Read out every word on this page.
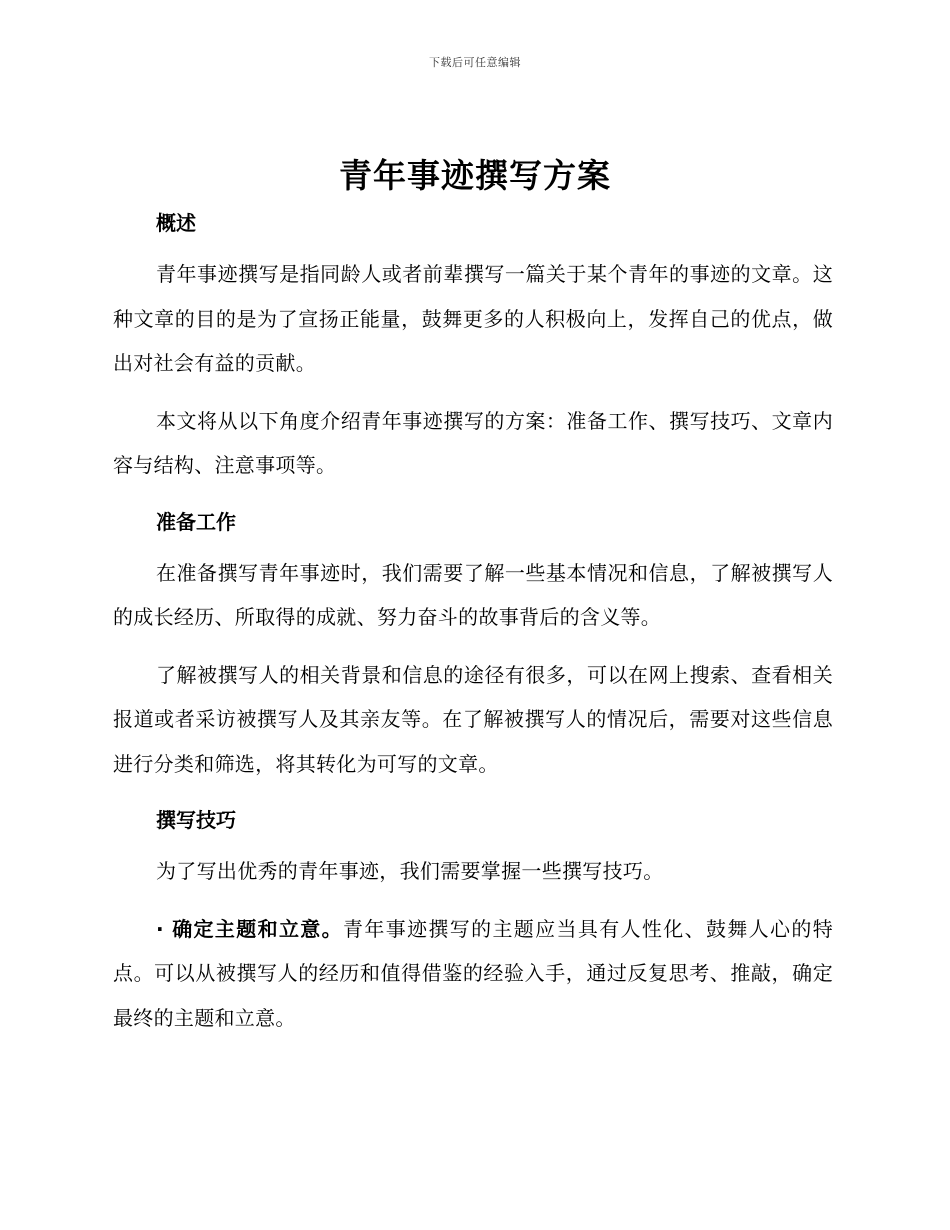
下载后可任意编辑
青年事迹撰写方案
概述

青年事迹撰写是指同龄人或者前辈撰写一篇关于某个青年的事迹的文章。这种文章的目的是为了宣扬正能量，鼓舞更多的人积极向上，发挥自己的优点，做出对社会有益的贡献。

本文将从以下角度介绍青年事迹撰写的方案：准备工作、撰写技巧、文章内容与结构、注意事项等。

准备工作

在准备撰写青年事迹时，我们需要了解一些基本情况和信息，了解被撰写人的成长经历、所取得的成就、努力奋斗的故事背后的含义等。

了解被撰写人的相关背景和信息的途径有很多，可以在网上搜索、查看相关报道或者采访被撰写人及其亲友等。在了解被撰写人的情况后，需要对这些信息进行分类和筛选，将其转化为可写的文章。

撰写技巧

为了写出优秀的青年事迹，我们需要掌握一些撰写技巧。

· 确定主题和立意。青年事迹撰写的主题应当具有人性化、鼓舞人心的特点。可以从被撰写人的经历和值得借鉴的经验入手，通过反复思考、推敲，确定最终的主题和立意。
